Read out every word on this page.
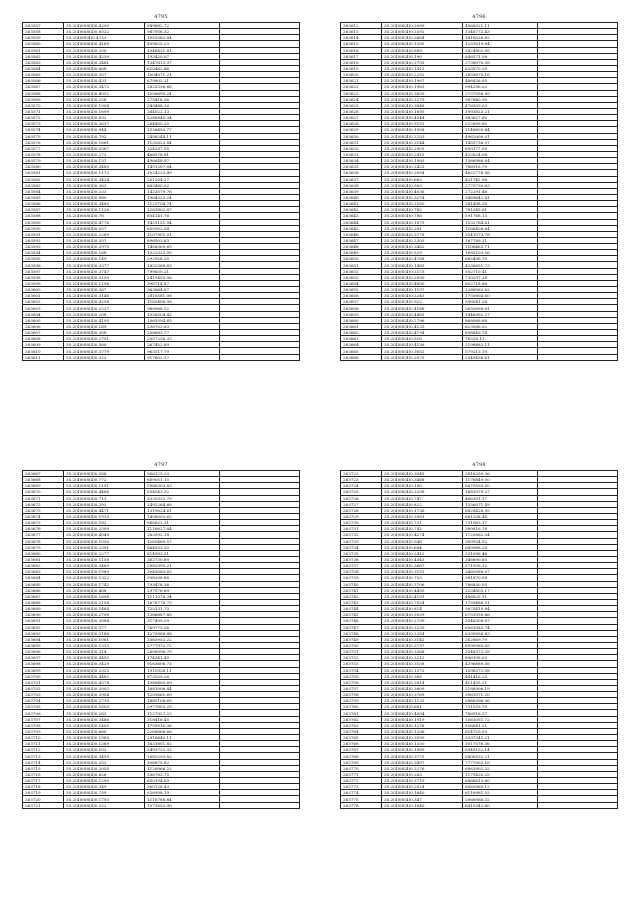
4795
263557	35.2(4)0S8(4)0.4290	989682.72	
263558	35.2(4)0S8(4)0.8522	987956.32	
263559	35.2(4)0S(4)0.4753	1053382.04	
263560	35.2(4)0S8(4)0.4169	409625.23	
263561	35.2(4)0S8(4)0.200	1346421.81	
263562	35.2(4)0S8(4)0.4239	193420.07	
263563	35.2(4)0S8(4)0.3481	1347613.97	
263564	35.2(4)0S8(4)0.868	610462.86	
263565	35.2(4)0S8(4)0.357	1004071.21	
263566	35.2(4)0S8(4)0.433	879802.21	
263567	35.2(4)0S8(4)0.3472	2625336.68	
263568	35.2(4)0S8(4)0.4052	1356690.24	
263569	35.2(4)0S8(4)0.258	275418.36	
263570	35.2(4)0S8(4)0.1904	349488.20	
263571	35.2(4)0S8(4)0.1699	264022.13	
263572	35.2(4)0S8(4)0.832	2286840.34	
263573	35.2(4)0S8(4)0.2637	264400.20	
263574	35.2(4)0S8(4)0.944	1356450.77	
263575	35.2(4)0S8(4)0.792	2456244.11	
263576	35.2(4)0S8(4)0.1661	1132623.84	
263577	35.2(4)0S8(4)0.3367	324297.55	
263578	35.2(4)0S8(4)0.273	466578.81	
263579	35.2(4)0S8(4)0.131	496648.97	
263580	35.2(4)0S8(4)0.3485	1491507.04	
263581	35.2(4)0S8(4)0.1172	1024223.49	
263582	35.2(4)0S8(4)0.3424	201204.27	
263583	35.2(4)0S8(4)0.363	863480.02	
263584	35.2(4)0S8(4)0.233	1423579.76	
263585	35.2(4)0S8(4)0.960	1964323.24	
263586	35.2(4)0S8(4)0.3480	1123704.74	
263587	35.2(4)0S8(4)0.1126	1281802.87	
263588	35.2(4)0S8(4)0.76	804141.76	
263589	35.2(4)0S8(4)0.4776	1431151.94	
263590	35.2(4)0S8(4)0.557	855952.04	
263591	35.2(4)0S8(4)0.2269	1107901.01	
263592	35.2(4)0S8(4)0.351	896503.63	
263593	35.2(4)0S8(4)0.2970	1458365.69	
263594	35.2(4)0S8(4)0.168	1522325.95	
263595	35.2(4)0S8(4)0.149	292928.20	
263596	35.2(4)0S8(4)0.3377	1852368.83	
263597	35.2(4)0S8(4)0.3747	799650.21	
263598	35.2(4)0S8(4)0.3159	2419455.06	
263599	35.2(4)0S8(4)0.1196	396714.87	
263600	35.2(4)0S8(4)0.367	963664.07	
263601	35.2(4)0S8(4)0.3148	2816581.08	
263602	35.2(4)0S8(4)0.4258	1165406.98	
263603	35.2(4)0S8(4)0.2227	989968.32	
263604	35.2(4)0S8(4)0.208	1326504.43	
263605	35.2(4)0S8(4)0.4195	1065594.65	
263606	35.2(4)0S8(4)0.169	236703.83	
263607	35.2(4)0S8(4)0.308	258683.77	
263608	35.2(4)0S8(4)0.2751	2597236.33	
263609	35.2(4)0S8(4)0.560	267452.89	
263610	35.2(4)0S8(4)0.3779	963517.79	
263611	35.2(4)0S8(4)0.322	917602.37	
4796
263612	35.2(4)0S(4)0.2099	4966021.11	
263613	35.2(4)0S(4)0.2592	1348772.43	
263614	35.2(4)0S(4)0.3664	1416526.62	
263615	35.2(4)0S(4)0.1395	1251619.64	
263616	35.2(4)0S(4)0.589	3424802.95	
263617	35.2(4)0S(4)0.190	846571.58	
263618	35.2(4)0S(4)0.2793	2738070.58	
263619	35.2(4)0S(4)0.1413	833870.29	
263620	35.2(4)0S(4)0.2252	2833670.16	
263621	35.2(4)0S(4)0.1967	486826.05	
263622	35.2(4)0S(4)0.1983	994296.23	
263623	35.2(4)0S(4)0.3639	2737556.99	
263624	35.2(4)0S(4)0.2279	987640.30	
263625	35.2(4)0S(4)0.3848	476559.03	
263626	35.2(4)0S(4)0.1695	1993823.21	
263627	35.2(4)0S(4)0.4544	983627.60	
263628	35.2(4)0S(4)0.5153	322899.85	
263629	35.2(4)0S(4)0.1958	1148605.44	
263630	35.2(4)0S(4)0.2253	4962000.01	
263631	35.2(4)0S(4)0.3144	1453736.37	
263632	35.2(4)0S(4)0.2903	690177.09	
263633	35.2(4)0S(4)0.2415	432824.08	
263634	35.2(4)0S(4)0.1983	1386986.64	
263635	35.2(4)0S(4)0.2423	786916.79	
263636	35.2(4)0S(4)0.2094	4622776.56	
263637	35.2(4)0S(4)0.683	421742.58	
263638	35.2(4)0S(4)0.983	2775750.83	
263639	35.2(4)0S(4)0.4036	272291.46	
263640	35.2(4)0S(4)0.3274	3469642.81	
263641	35.2(4)0S(4)0.2160	341498.38	
263642	35.2(4)0S(4)0.782	781545.61	
263643	35.2(4)0S(4)0.786	591768.13	
263644	35.2(4)0S(4)0.1875	1032764.61	
263645	35.2(4)0S(4)0.281	1166408.64	
263646	35.2(4)0S(4)0.3778	3541073.78	
263647	35.2(4)0S(4)0.2305	167789.21	
263648	35.2(4)0S(4)0.3462	1106462.71	
263649	35.2(4)0S(4)0.529	1685103.56	
263650	35.2(4)0S(4)0.4788	665496.79	
263651	35.2(4)0S(4)0.1485	4336651.73	
263652	35.2(4)0S(4)0.2175	502710.41	
263653	35.2(4)0S(4)0.3590	730297.38	
263654	35.2(4)0S(4)0.4850	802718.88	
263655	35.2(4)0S(4)0.1197	1288563.82	
263656	35.2(4)0S(4)0.2245	1750804.60	
263657	35.2(4)0S(4)0.922	598041.28	
263658	35.2(4)0S(4)0.4186	2655898.81	
263659	35.2(4)0S(4)0.4485	1446992.27	
263660	35.2(4)0S(4)0.2796	868066.68	
263661	35.2(4)0S(4)0.4135	623586.52	
263662	35.2(4)0S(4)0.4794	898849.74	
263663	35.2(4)0S(4)0.516	76328.11	
263664	35.2(4)0S(4)0.4136	2198883.11	
263665	35.2(4)0S(4)0.3652	579213.19	
263666	35.2(4)0S(4)0.2075	2549436.61	
4797
263667	35.2(4)0S8(4)0.586	906129.20	
263668	35.2(4)0S8(4)0.772	809051.15	
263669	35.2(4)0S8(4)0.1191	5086302.83	
263670	35.2(4)0S8(4)0.4466	534043.32	
263671	35.2(4)0S8(4)0.711	3335332.70	
263672	35.2(4)0S8(4)0.292	2492264.68	
263673	35.2(4)0S8(4)0.4471	1319624.61	
263674	35.2(4)0S8(4)0.1915	1458003.62	
263675	35.2(4)0S8(4)0.182	966622.31	
263676	35.2(4)0S8(4)0.2309	1116627.84	
263677	35.2(4)0S8(4)0.4049	263592.18	
263678	35.2(4)0S8(4)0.1050	1260469.57	
263679	35.2(4)0S8(4)0.2391	864503.30	
263680	35.2(4)0S8(4)0.2277	814993.51	
263681	35.2(4)0S8(4)0.1158	362730.89	
263682	35.2(4)0S8(4)0.3469	2982990.21	
263683	35.2(4)0S8(4)0.1989	3049063.82	
263684	35.2(4)0S8(4)0.1322	308206.86	
263685	35.2(4)0S8(4)0.1742	793478.26	
263686	35.2(4)0S8(4)0.468	297576.69	
263687	35.2(4)0S8(4)0.1698	1111076.34	
263688	35.2(4)0S8(4)0.2154	1676776.75	
263689	35.2(4)0S8(4)0.1464	723131.73	
263690	35.2(4)0S8(4)0.2798	1386887.85	
263691	35.2(4)0S8(4)0.3084	317499.29	
263692	35.2(4)0S8(4)0.377	769773.36	
263693	35.2(4)0S8(4)0.3186	1279968.88	
263694	35.2(4)0S8(4)0.1061	2063953.22	
263695	35.2(4)0S8(4)0.1313	2777972.72	
263696	35.2(4)0S8(4)0.314	2698996.79	
263697	35.2(4)0S8(4)0.4492	174341.49	
263698	35.2(4)0S8(4)0.3429	9163606.73	
263699	35.2(4)0S8(4)0.2325	1910926.11	
263700	35.2(4)0S8(4)0.4482	873559.26	
263701	35.2(4)0S8(4)0.4374	1386400.69	
263702	35.2(4)0S8(4)0.2002	1681006.44	
263703	35.2(4)0S8(4)0.3954	1259661.69	
263704	35.2(4)0S8(4)0.2710	1885108.65	
263705	35.2(4)0S8(4)0.1603	2977603.25	
263706	35.2(4)0S8(4)0.283	1127927.23	
263707	35.2(4)0S8(4)0.3486	318416.45	
263708	35.2(4)0S8(4)0.1405	1759916.36	
263709	35.2(4)0S8(4)0.660	2268668.66	
263710	35.2(4)0S8(4)0.1985	2916640.11	
263711	35.2(4)0S8(4)0.1369	1631801.82	
263712	35.2(4)0S8(4)0.102	2493732.32	
263713	35.2(4)0S8(4)0.3459	1682293.82	
263714	35.2(4)0S8(4)0.252	306875.82	
263715	35.2(4)0S8(4)0.2055	1126966.22	
263716	35.2(4)0S8(4)0.826	336783.75	
263717	35.2(4)0S8(4)0.1290	600194.69	
263718	35.2(4)0S8(4)0.349	360128.43	
263719	35.2(4)0S8(4)0.759	926998.19	
263720	35.2(4)0S8(4)0.1793	1116788.84	
263721	35.2(4)0S8(4)0.322	1571652.90	
4798
263722	35.2(4)0S(4)0.3045	2816259.36	
263723	35.2(4)0S(4)0.3468	1176849.00	
263724	35.2(4)0S(4)0.180	6673593.50	
263725	35.2(4)0S(4)0.2258	1681979.27	
263726	35.2(4)0S(4)0.747	466301.17	
263727	35.2(4)0S(4)0.822	1256071.49	
263728	35.2(4)0S(4)0.1736	6828428.95	
263729	35.2(4)0S(4)0.3981	681338.48	
263730	35.2(4)0S(4)0.731	731963.17	
263731	35.2(4)0S(4)0.742	389816.78	
263732	35.2(4)0S(4)0.4274	1725862.34	
263733	35.2(4)0S(4)0.548	389934.52	
263734	35.2(4)0S(4)0.664	649968.28	
263735	35.2(4)0S(4)0.2412	331096.46	
263736	35.2(4)0S(4)0.4543	346890.65	
263737	35.2(4)0S(4)0.3667	371935.12	
263738	35.2(4)0S(4)0.3153	3460588.07	
263739	35.2(4)0S(4)0.753	381870.08	
263740	35.2(4)0S(4)0.3706	786830.05	
263741	35.2(4)0S(4)0.4495	2234803.17	
263742	35.2(4)0S(4)0.4191	466825.11	
263743	35.2(4)0S(4)0.7024	1759486.51	
263744	35.2(4)0S(4)0.814	5675410.84	
263745	35.2(4)0S(4)0.3039	6751930.66	
263746	35.2(4)0S(4)0.2739	3546308.87	
263747	35.2(4)0S(4)0.3239	6561083.74	
263748	35.2(4)0S(4)0.2254	6339956.83	
263749	35.2(4)0S(4)0.3142	262869.79	
263750	35.2(4)0S(4)0.3737	6999969.85	
263751	35.2(4)0S(4)0.3368	3348373.28	
263752	35.2(4)0S(4)0.3212	896108.03	
263753	35.2(4)0S(4)0.3158	4396889.58	
263754	35.2(4)0S(4)0.1372	1096372.08	
263755	35.2(4)0S(4)0.388	441416.25	
263756	35.2(4)0S(4)0.2614	411435.21	
263757	35.2(4)0S(4)0.3609	2186906.19	
263758	35.2(4)0S(4)0.3769	3981071.20	
263759	35.2(4)0S(4)0.1133	2866396.06	
263760	35.2(4)0S(4)0.681	731033.79	
263761	35.2(4)0S(4)0.4004	786916.37	
263762	35.2(4)0S(4)0.1919	1581051.72	
263763	35.2(4)0S(4)0.1276	856641.21	
263764	35.2(4)0S(4)0.1336	614729.59	
263765	35.2(4)0S(4)0.3590	3397341.21	
263766	35.2(4)0S(4)0.1330	1017576.36	
263767	35.2(4)0S(4)0.1889	6949152.14	
263768	35.2(4)0S(4)0.3775	5400532.21	
263769	35.2(4)0S(4)0.3497	7777003.16	
263770	35.2(4)0S(4)0.2276	6863902.32	
263771	35.2(4)0S(4)0.263	1179430.25	
263772	35.2(4)0S(4)0.3719	6466613.80	
263773	35.2(4)0S(4)0.2024	6063960.12	
263774	35.2(4)0S(4)0.1640	6116981.52	
263775	35.2(4)0S(4)0.347	2066966.32	
263776	35.2(4)0S(4)0.1640	6415342.60	
